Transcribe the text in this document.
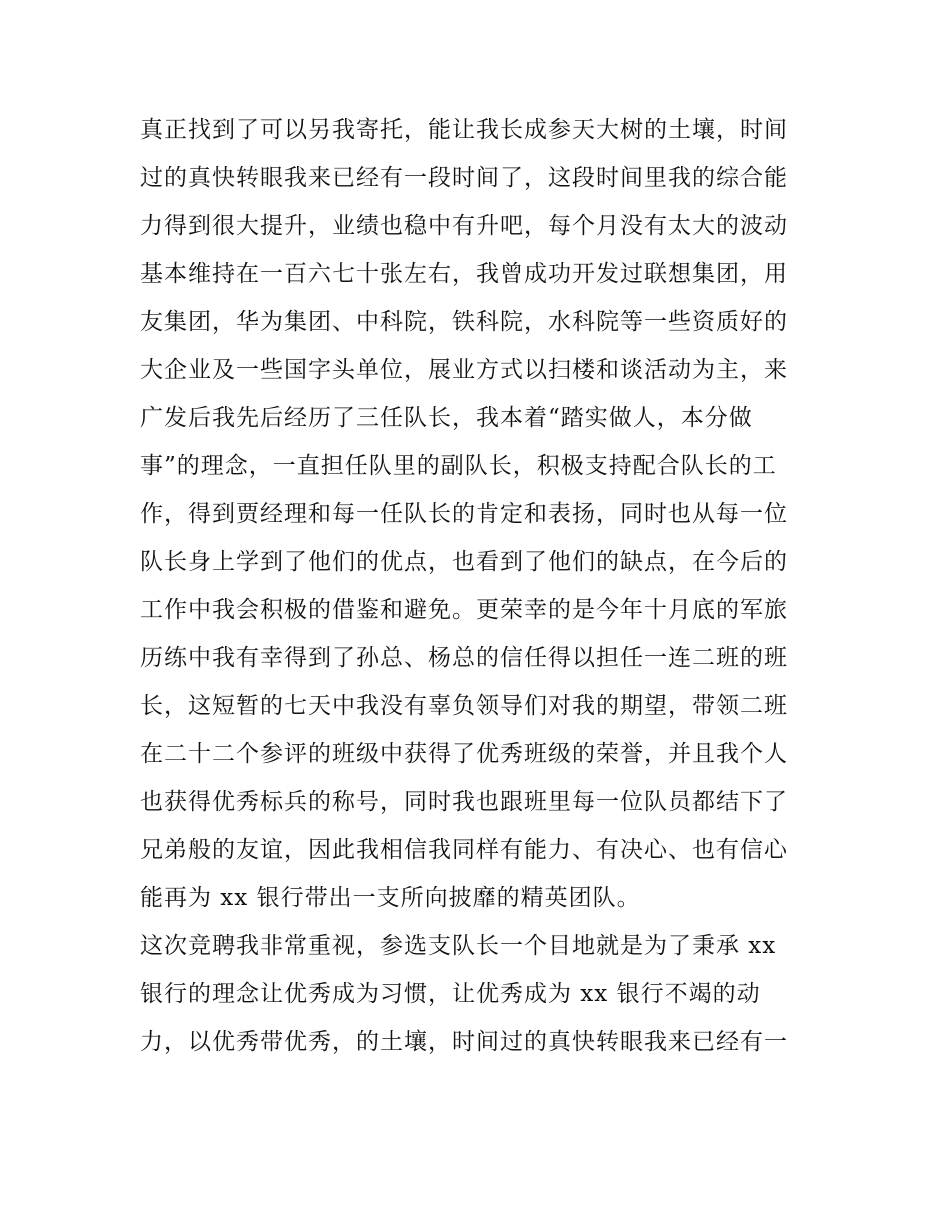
真正找到了可以另我寄托，能让我长成参天大树的土壤，时间
过的真快转眼我来已经有一段时间了，这段时间里我的综合能
力得到很大提升，业绩也稳中有升吧，每个月没有太大的波动
基本维持在一百六七十张左右，我曾成功开发过联想集团，用
友集团，华为集团、中科院，铁科院，水科院等一些资质好的
大企业及一些国字头单位，展业方式以扫楼和谈活动为主，来
广发后我先后经历了三任队长，我本着“踏实做人，本分做
事”的理念，一直担任队里的副队长，积极支持配合队长的工
作，得到贾经理和每一任队长的肯定和表扬，同时也从每一位
队长身上学到了他们的优点，也看到了他们的缺点，在今后的
工作中我会积极的借鉴和避免。更荣幸的是今年十月底的军旅
历练中我有幸得到了孙总、杨总的信任得以担任一连二班的班
长，这短暂的七天中我没有辜负领导们对我的期望，带领二班
在二十二个参评的班级中获得了优秀班级的荣誉，并且我个人
也获得优秀标兵的称号，同时我也跟班里每一位队员都结下了
兄弟般的友谊，因此我相信我同样有能力、有决心、也有信心
能再为 xx 银行带出一支所向披靡的精英团队。
这次竞聘我非常重视，参选支队长一个目地就是为了秉承 xx
银行的理念让优秀成为习惯，让优秀成为 xx 银行不竭的动
力，以优秀带优秀，的土壤，时间过的真快转眼我来已经有一
